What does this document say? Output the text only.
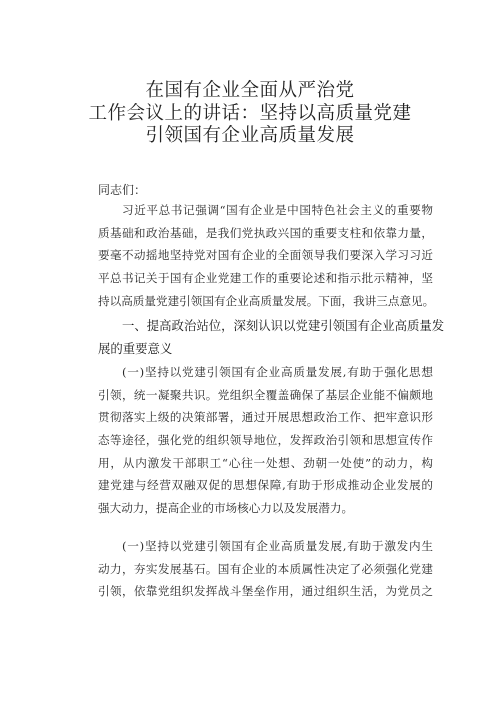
在国有企业全面从严治党
工作会议上的讲话：坚持以高质量党建
引领国有企业高质量发展
同志们：
习近平总书记强调“国有企业是中国特色社会主义的重要物
质基础和政治基础，是我们党执政兴国的重要支柱和依靠力量，
要毫不动摇地坚持党对国有企业的全面领导我们要深入学习习近
平总书记关于国有企业党建工作的重要论述和指示批示精神，坚
持以高质量党建引领国有企业高质量发展。下面，我讲三点意见。
一、提高政治站位，深刻认识以党建引领国有企业高质量发
展的重要意义
(一)坚持以党建引领国有企业高质量发展,有助于强化思想
引领，统一凝聚共识。党组织全覆盖确保了基层企业能不偏颇地
贯彻落实上级的决策部署，通过开展思想政治工作、把牢意识形
态等途径，强化党的组织领导地位，发挥政治引领和思想宣传作
用，从内激发干部职工“心往一处想、劲朝一处使”的动力，构
建党建与经营双融双促的思想保障,有助于形成推动企业发展的
强大动力，提高企业的市场核心力以及发展潜力。
(一)坚持以党建引领国有企业高质量发展,有助于激发内生
动力，夯实发展基石。国有企业的本质属性决定了必须强化党建
引领，依靠党组织发挥战斗堡垒作用，通过组织生活，为党员之
